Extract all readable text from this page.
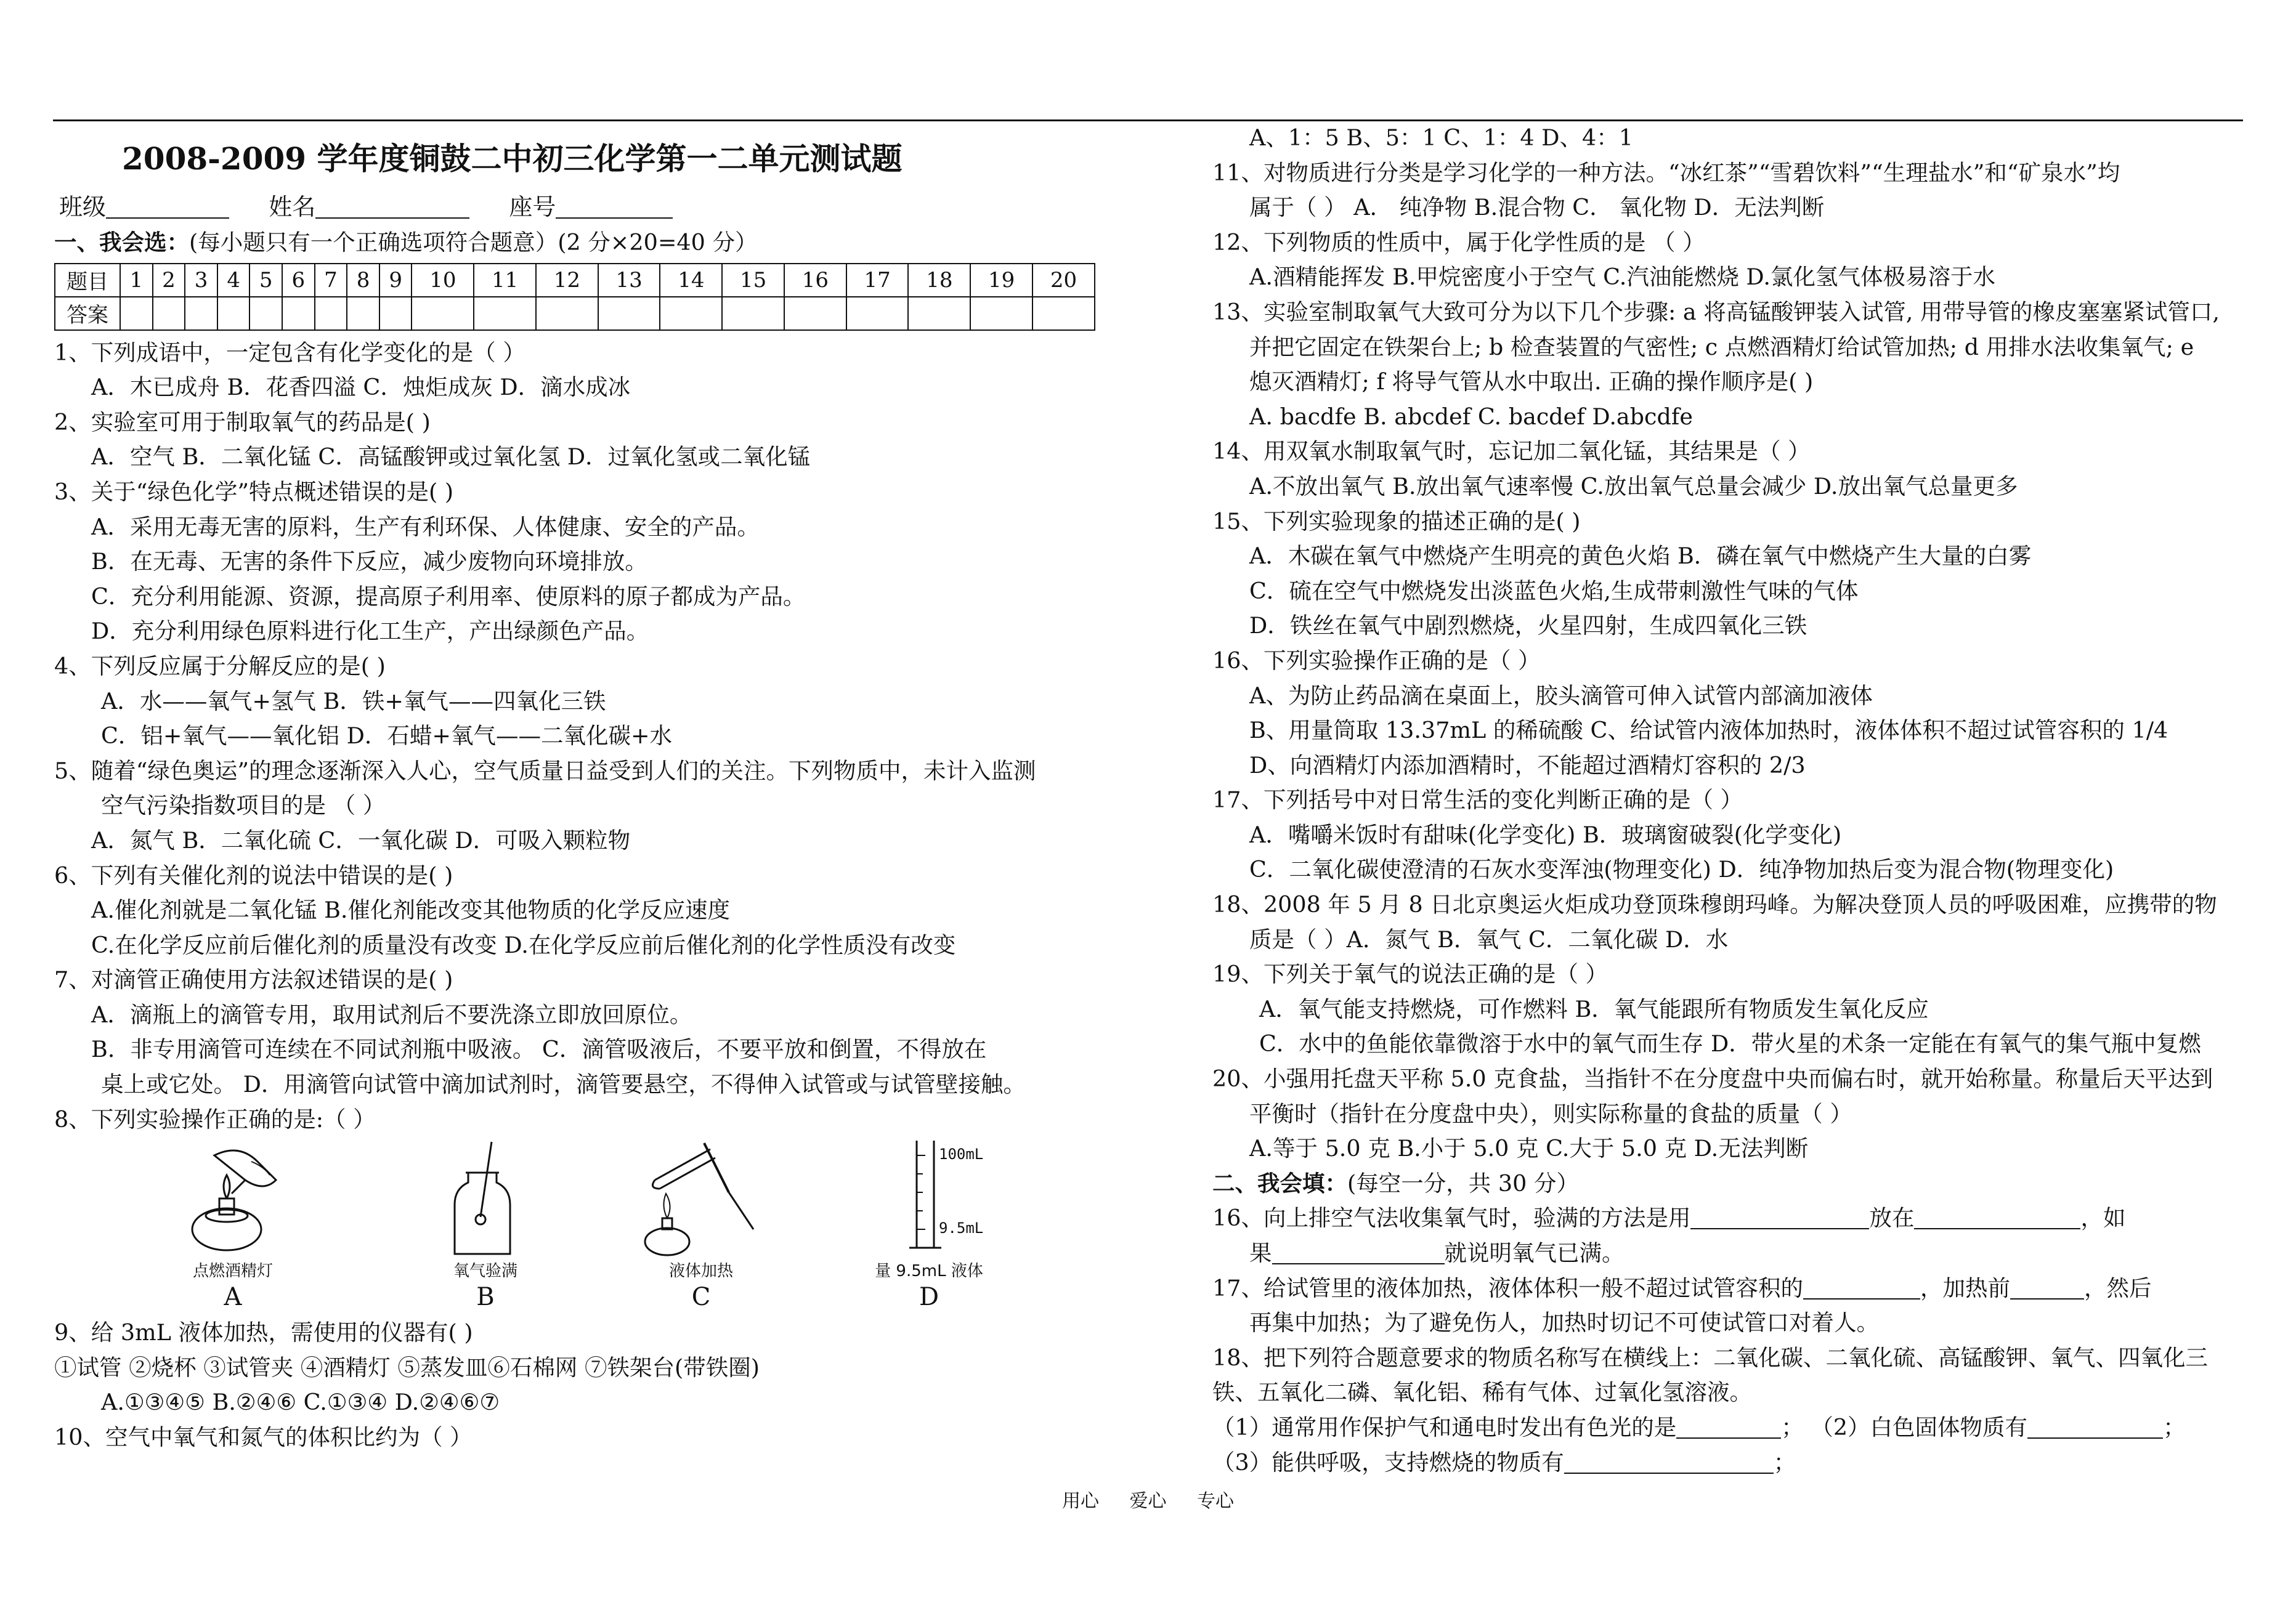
2008-2009 学年度铜鼓二中初三化学第一二单元测试题
班级	姓名	座号
一、我会选：(每小题只有一个正确选项符合题意）(2 分×20=40 分）
题目	1	2	3	4	5	6	7	8	9	10	11	12	13	14	15	16	17	18	19	20
答案																				
1、下列成语中，一定包含有化学变化的是（ ）
A．木已成舟 B．花香四溢 C．烛炬成灰 D．滴水成冰
2、实验室可用于制取氧气的药品是( )
A．空气 B．二氧化锰 C．高锰酸钾或过氧化氢 D．过氧化氢或二氧化锰
3、关于“绿色化学”特点概述错误的是( )
A．采用无毒无害的原料，生产有利环保、人体健康、安全的产品。
B．在无毒、无害的条件下反应，减少废物向环境排放。
C．充分利用能源、资源，提高原子利用率、使原料的原子都成为产品。
D．充分利用绿色原料进行化工生产，产出绿颜色产品。
4、下列反应属于分解反应的是( )
A．水——氧气+氢气 B．铁+氧气——四氧化三铁
C．铝+氧气——氧化铝 D．石蜡+氧气——二氧化碳+水
5、随着“绿色奥运”的理念逐渐深入人心，空气质量日益受到人们的关注。下列物质中，未计入监测
空气污染指数项目的是 （ ）
A．氮气 B．二氧化硫 C．一氧化碳 D．可吸入颗粒物
6、下列有关催化剂的说法中错误的是( )
A.催化剂就是二氧化锰 B.催化剂能改变其他物质的化学反应速度
C.在化学反应前后催化剂的质量没有改变 D.在化学反应前后催化剂的化学性质没有改变
7、对滴管正确使用方法叙述错误的是( )
A．滴瓶上的滴管专用，取用试剂后不要洗涤立即放回原位。
B．非专用滴管可连续在不同试剂瓶中吸液。 C．滴管吸液后，不要平放和倒置，不得放在
桌上或它处。 D．用滴管向试管中滴加试剂时，滴管要悬空，不得伸入试管或与试管壁接触。
8、下列实验操作正确的是:（ ）
点燃酒精灯
A
氧气验满
B
液体加热
C
100mL
9.5mL
量 9.5mL 液体
D
9、给 3mL 液体加热，需使用的仪器有( )
①试管 ②烧杯 ③试管夹 ④酒精灯 ⑤蒸发皿⑥石棉网 ⑦铁架台(带铁圈)
A.①③④⑤ B.②④⑥ C.①③④ D.②④⑥⑦
10、空气中氧气和氮气的体积比约为（ ）
A、1：5 B、5：1 C、1：4 D、4：1
11、对物质进行分类是学习化学的一种方法。“冰红茶”“雪碧饮料”“生理盐水”和“矿泉水”均
属于（ ） A． 纯净物 B.混合物 C． 氧化物 D．无法判断
12、下列物质的性质中，属于化学性质的是 （ ）
A.酒精能挥发 B.甲烷密度小于空气 C.汽油能燃烧 D.氯化氢气体极易溶于水
13、实验室制取氧气大致可分为以下几个步骤: a 将高锰酸钾装入试管, 用带导管的橡皮塞塞紧试管口,
并把它固定在铁架台上; b 检查装置的气密性; c 点燃酒精灯给试管加热; d 用排水法收集氧气; e
熄灭酒精灯; f 将导气管从水中取出. 正确的操作顺序是( )
A. bacdfe B. abcdef C. bacdef D.abcdfe
14、用双氧水制取氧气时，忘记加二氧化锰，其结果是（ ）
A.不放出氧气 B.放出氧气速率慢 C.放出氧气总量会减少 D.放出氧气总量更多
15、下列实验现象的描述正确的是( )
A．木碳在氧气中燃烧产生明亮的黄色火焰 B．磷在氧气中燃烧产生大量的白雾
C．硫在空气中燃烧发出淡蓝色火焰,生成带刺激性气味的气体
D．铁丝在氧气中剧烈燃烧，火星四射，生成四氧化三铁
16、下列实验操作正确的是（ ）
A、为防止药品滴在桌面上，胶头滴管可伸入试管内部滴加液体
B、用量筒取 13.37mL 的稀硫酸 C、给试管内液体加热时，液体体积不超过试管容积的 1/4
D、向酒精灯内添加酒精时，不能超过酒精灯容积的 2/3
17、下列括号中对日常生活的变化判断正确的是（ ）
A．嘴嚼米饭时有甜味(化学变化) B．玻璃窗破裂(化学变化)
C．二氧化碳使澄清的石灰水变浑浊(物理变化) D．纯净物加热后变为混合物(物理变化)
18、2008 年 5 月 8 日北京奥运火炬成功登顶珠穆朗玛峰。为解决登顶人员的呼吸困难，应携带的物
质是（ ）A．氮气 B．氧气 C．二氧化碳 D．水
19、下列关于氧气的说法正确的是（ ）
A．氧气能支持燃烧，可作燃料 B．氧气能跟所有物质发生氧化反应
C．水中的鱼能依靠微溶于水中的氧气而生存 D．带火星的术条一定能在有氧气的集气瓶中复燃
20、小强用托盘天平称 5.0 克食盐，当指针不在分度盘中央而偏右时，就开始称量。称量后天平达到
平衡时（指针在分度盘中央），则实际称量的食盐的质量（ ）
A.等于 5.0 克 B.小于 5.0 克 C.大于 5.0 克 D.无法判断
二、我会填：(每空一分，共 30 分）
16、向上排空气法收集氧气时，验满的方法是用	放在	，如
果	就说明氧气已满。
17、给试管里的液体加热，液体体积一般不超过试管容积的	，加热前	，然后
再集中加热；为了避免伤人，加热时切记不可使试管口对着人。
18、把下列符合题意要求的物质名称写在横线上：二氧化碳、二氧化硫、高锰酸钾、氧气、四氧化三
铁、五氧化二磷、氧化铝、稀有气体、过氧化氢溶液。
（1）通常用作保护气和通电时发出有色光的是	； （2）白色固体物质有	；
（3）能供呼吸，支持燃烧的物质有	；
用心 爱心 专心
